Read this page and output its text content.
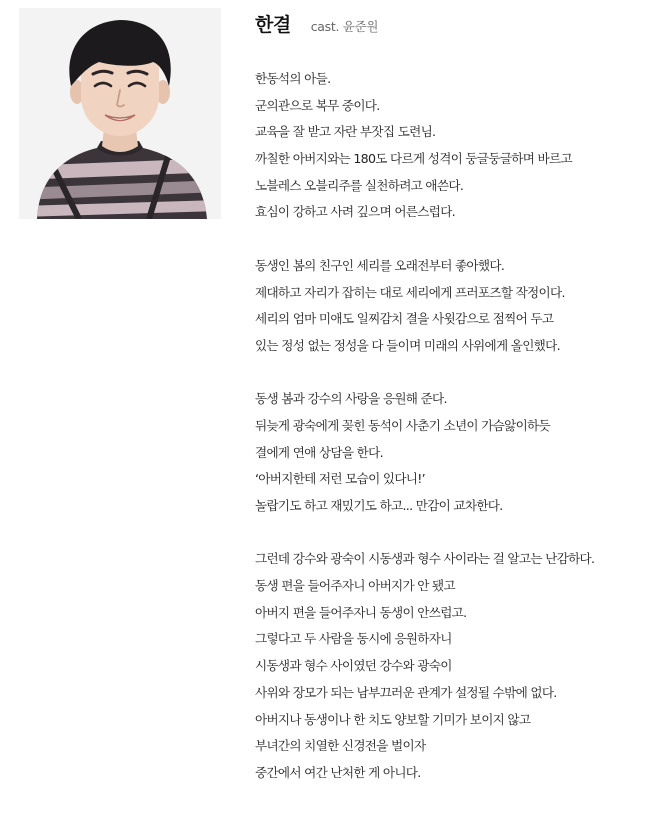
한결 cast. 윤준원
한동석의 아들.
군의관으로 복무 중이다.
교육을 잘 받고 자란 부잣집 도련님.
까칠한 아버지와는 180도 다르게 성격이 둥글둥글하며 바르고
노블레스 오블리주를 실천하려고 애쓴다.
효심이 강하고 사려 깊으며 어른스럽다.
동생인 봄의 친구인 세리를 오래전부터 좋아했다.
제대하고 자리가 잡히는 대로 세리에게 프러포즈할 작정이다.
세리의 엄마 미애도 일찌감치 결을 사윗감으로 점찍어 두고
있는 정성 없는 정성을 다 들이며 미래의 사위에게 올인했다.
동생 봄과 강수의 사랑을 응원해 준다.
뒤늦게 광숙에게 꽂힌 동석이 사춘기 소년이 가슴앓이하듯
결에게 연애 상담을 한다.
‘아버지한테 저런 모습이 있다니!’
놀랍기도 하고 재밌기도 하고... 만감이 교차한다.
그런데 강수와 광숙이 시동생과 형수 사이라는 걸 알고는 난감하다.
동생 편을 들어주자니 아버지가 안 됐고
아버지 편을 들어주자니 동생이 안쓰럽고.
그렇다고 두 사람을 동시에 응원하자니
시동생과 형수 사이였던 강수와 광숙이
사위와 장모가 되는 남부끄러운 관계가 설정될 수밖에 없다.
아버지나 동생이나 한 치도 양보할 기미가 보이지 않고
부녀간의 치열한 신경전을 벌이자
중간에서 여간 난처한 게 아니다.
